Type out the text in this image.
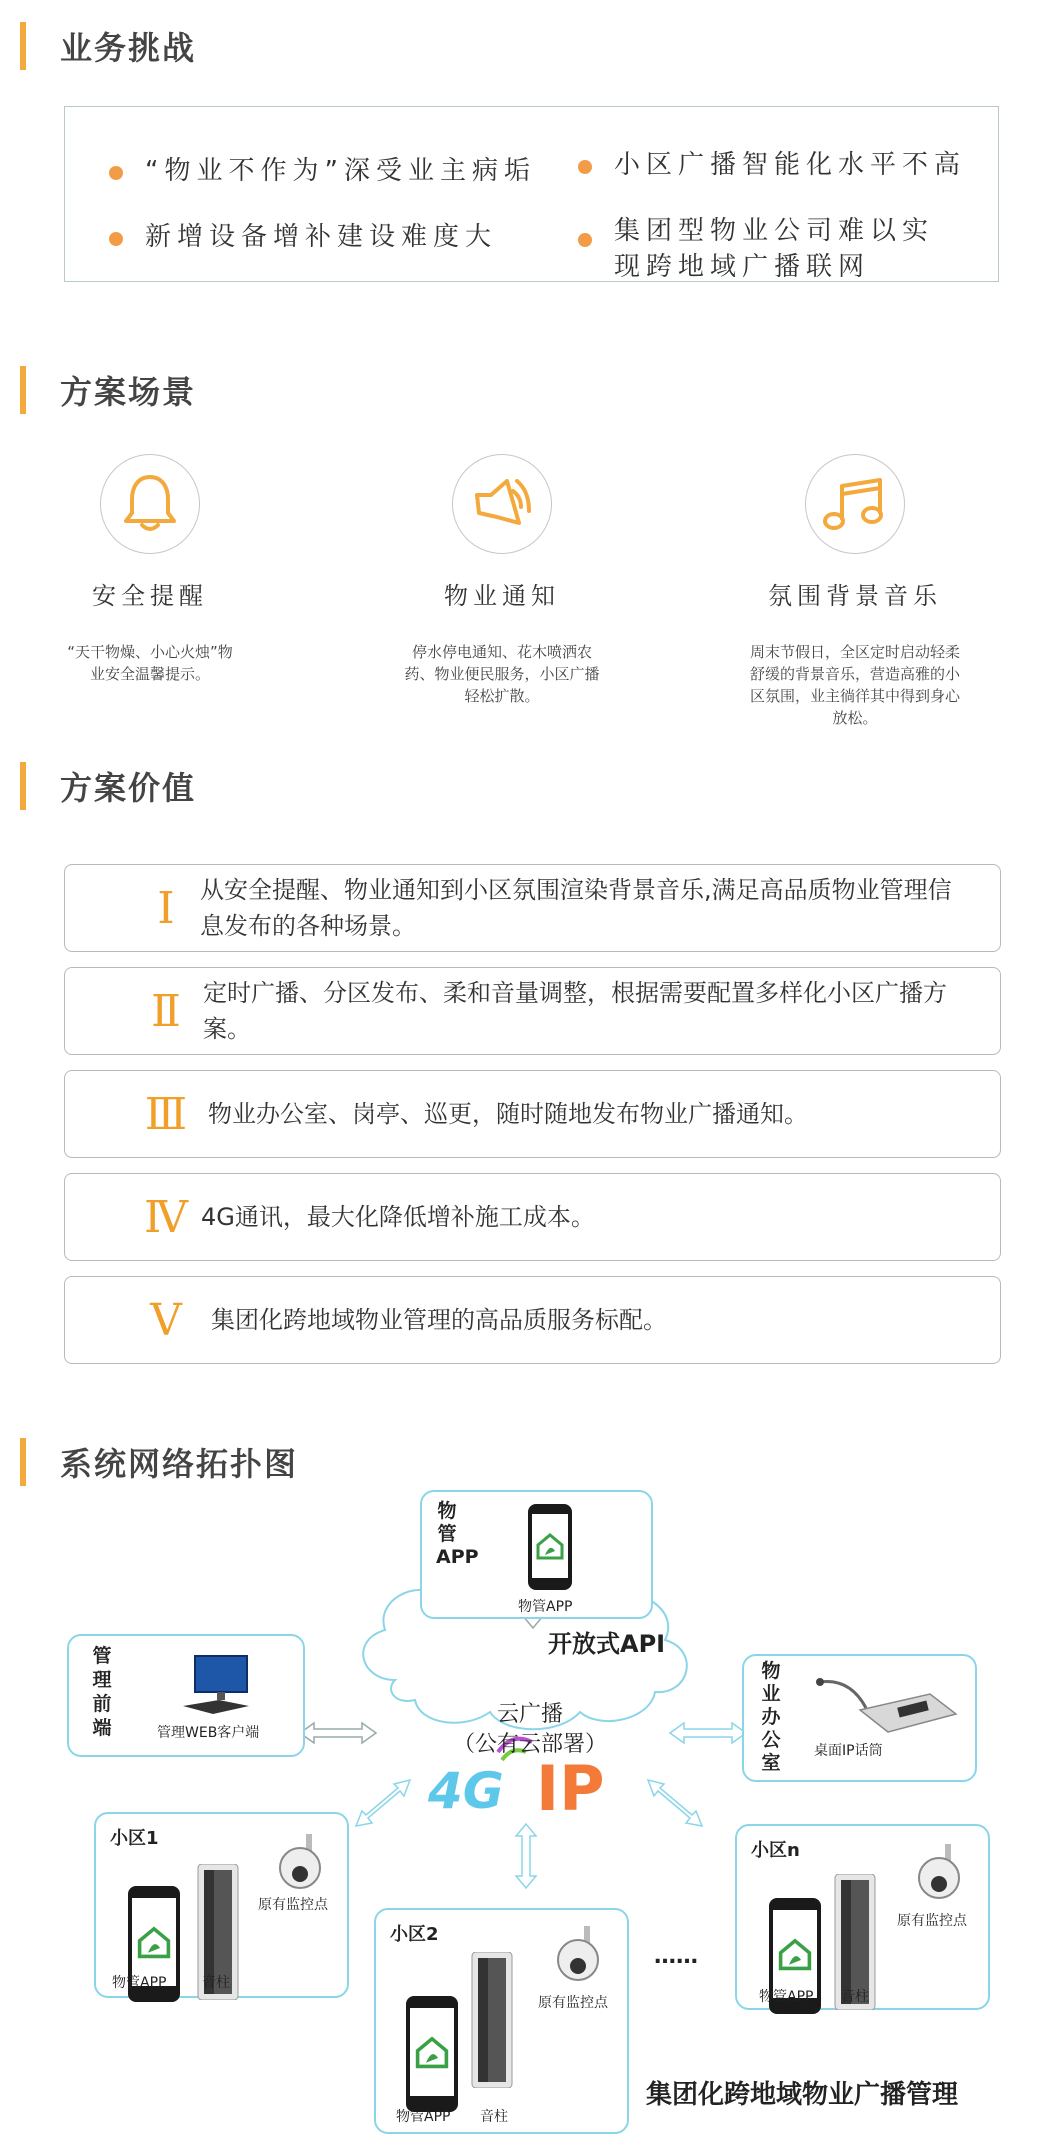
业务挑战
“物业不作为”深受业主病垢
新增设备增补建设难度大
小区广播智能化水平不高
集团型物业公司难以实现跨地域广播联网
方案场景
安全提醒
“天干物燥、小心火烛”物业安全温馨提示。
物业通知
停水停电通知、花木喷洒农药、物业便民服务，小区广播轻松扩散。
氛围背景音乐
周末节假日，全区定时启动轻柔舒缓的背景音乐，营造高雅的小区氛围，业主徜徉其中得到身心放松。
方案价值
Ⅰ	从安全提醒、物业通知到小区氛围渲染背景音乐,满足高品质物业管理信息发布的各种场景。
Ⅱ 定时广播、分区发布、柔和音量调整，根据需要配置多样化小区广播方案。
Ⅲ 物业办公室、岗亭、巡更，随时随地发布物业广播通知。
Ⅳ 4G通讯，最大化降低增补施工成本。
Ⅴ	集团化跨地域物业管理的高品质服务标配。
系统网络拓扑图
物管APP
物管APP
开放式API
管理前端	管理WEB客户端
云广播
（公有云部署）
4G IP
物业办公室
桌面IP话筒
小区1
原有监控点
物管APP	音柱
小区2
原有监控点
物管APP 音柱
……
小区n
原有监控点
物管APP 音柱
集团化跨地域物业广播管理
